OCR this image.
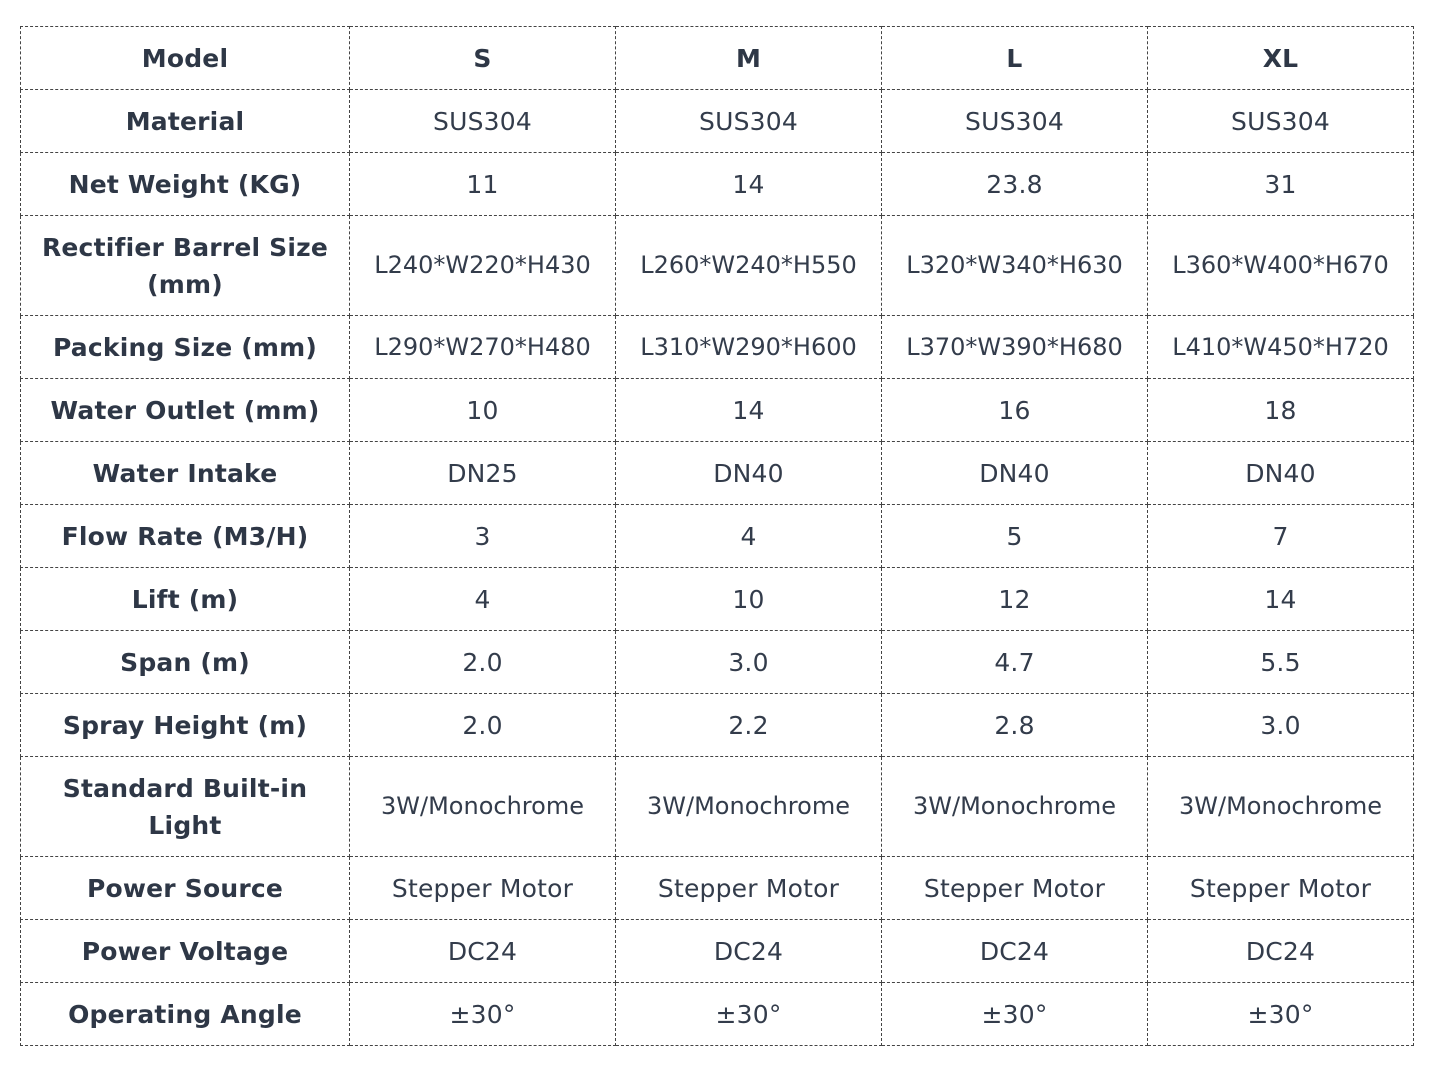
Model	S	M	L	XL
Material	SUS304	SUS304	SUS304	SUS304
Net Weight (KG)	11	14	23.8	31
Rectifier Barrel Size (mm)	L240*W220*H430	L260*W240*H550	L320*W340*H630	L360*W400*H670
Packing Size (mm)	L290*W270*H480	L310*W290*H600	L370*W390*H680	L410*W450*H720
Water Outlet (mm)	10	14	16	18
Water Intake	DN25	DN40	DN40	DN40
Flow Rate (M3/H)	3	4	5	7
Lift (m)	4	10	12	14
Span (m)	2.0	3.0	4.7	5.5
Spray Height (m)	2.0	2.2	2.8	3.0
Standard Built-in Light	3W/Monochrome	3W/Monochrome	3W/Monochrome	3W/Monochrome
Power Source	Stepper Motor	Stepper Motor	Stepper Motor	Stepper Motor
Power Voltage	DC24	DC24	DC24	DC24
Operating Angle	±30°	±30°	±30°	±30°
